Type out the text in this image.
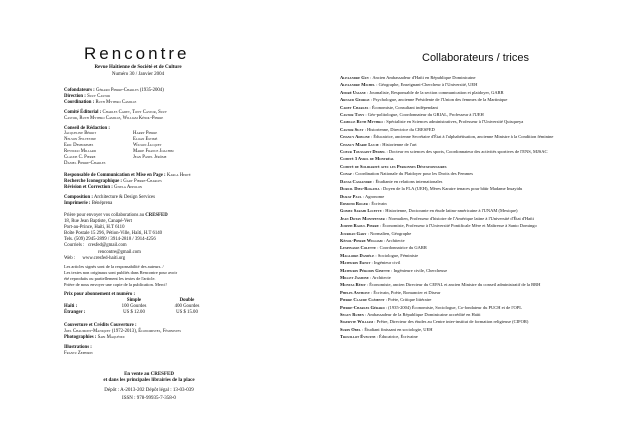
Rencontre
Revue Haïtienne de Société et de Culture
Numéro 30 / Janvier 2004
Cofondateurs : Gérard Pierre-Charles (1935-2004)
Direction : Suzy Castor
Coordination : Ruth Mythro Camille
Comité Éditorial : Charles Cadet, Tony Castor, Suzy
Castor, Ruth Mythro Camille, William Kénol-Pierre
Conseil de Rédaction :
Jacqueline Bérrit
Nelson Sylvestre
Eric Deshommes
Reynold Millard
Claude C. Pierre
Daniel Pierre-Charles
Harry Pierre
Eloan Estimé
Wilson Jacquet
Marie France Joachim
Jean Panel Jérôme
Responsable de Communication et Mise en Page : Karla Hervé
Recherche Iconographique : Gary Pierre-Charles
Révision et Correction : Gisela Appolon
Composition : Architecture & Design Services
Imprimerie : Bénéprena
Prière pour envoyer vos collaborations au CRESFED
18, Rue Jean Baptiste, Canapé-Vert
Port-au-Prince, Haïti, H.T 6110
Boîte Postale 15 296, Pétion-Ville, Haïti, H.T 6140
Tels. (509) 2945-2899 / 3914-2818 / 3914-4256
Courriels : cresfed@gmail.com
rencontre@gmail.com
Web : www.cresfed-haiti.org
Les articles signés sont de la responsabilité des auteurs. /
Les textes non originaux sont publiés dans Rencontre pour avoir
été reproduits ou partiellement les textes de l'article.
Prière de nous envoyer une copie de la publication. Merci!
Prix pour abonnement et numéro :
	Simple	Double
Haïti :	100 Gourdes	400 Gourdes
Étranger :	US $ 12.00	US $ 15.00
Couverture et Crédits Couverture :
Joel Chaumont-Maniquet (1972-2013), Économistes, Féministes
Photographies : Sabi Maquéndi
Illustrations :
Frantz Zephirin
En vente au CRESFED
et dans les principales librairies de la place
Dépôt : A-2013-202 Dépôt légal : 13-03-039
ISSN : 978-99935-7-358-0
Collaborateurs / trices
Alexandre Guy : Ancien Ambassadeur d'Haïti en République Dominicaine
Alexandre Michel : Géographe, Enseignant-Chercheur à l'Université, UEH
André Ussane : Journaliste, Responsable de la section communication et plaidoyer, GARR
Arnaud George : Psychologue, ancienne Présidente de l'Union des femmes de la Martinique
Cadet Charles : Économiste, Consultant indépendant
Castor Tony : Géo-politologue, Coordonnateur du GRIAL, Professeur à l'UEH
Camille Ruth Mythro : Spécialiste en Sciences administratives, Professeur à l'Université Quisqueya
Castor Suzy : Historienne, Directrice du CRESFED
Chancy Adeline : Éducatrice, ancienne Secrétaire d'État à l'alphabétisation, ancienne Ministre à la Condition féminine
Chancy Marie Lucie : Historienne de l'art
Coeur Toussaint Desbel : Docteur en sciences des sports, Coordonnateur des activités sportives de l'ENS, MJSAC
Comité 3 Avril de Montréal
Comité de Solidarité avec les Personnes Déstationnaires
Conap : Coordination Nationale du Plaidoyer pour les Droits des Femmes
Danas Cassandre : Étudiante en relations internationales
Dorcil Dieu-Rogatia : Doyen de la FLA (UEH), Mères Karaire tenaces pour bâtir Madame Insayidu
Durat Paul : Agronome
Edmond Roger : Écrivain
Gomez Sarahi Licette : Historienne, Doctorante en étude latino-américaine à l'UNAM (Mexique)
Jean Dotay Montpeyser : Normalien, Professeur d'histoire de l'Amérique latine à l'Université d'État d'Haïti
Joseph Raoul Pierre : Économiste, Professeur à l'Université Pontificale Mère et Maîtresse à Santo Domingo
Jourdan Gary : Normalien, Géographe
Kénol-Pierre William : Architecte
Lespinasse Colette : Coordonnatrice du GARR
Magloire Danièle : Sociologue, Féministe
Mathurin Ernst : Ingénieur civil
Mathurin Pérodin Ginette : Ingénieure civile, Chercheuse
Millet Jasmine : Architecte
Montas Rémy : Économiste, ancien Directeur du CEPAL et ancien Ministre du conseil administratif de la BRH
Phelps Anthony : Écrivain, Poète, Romancier et Diseur
Pierre Claude Clément : Poète, Critique littéraire
Pierre-Charles Gérard : (1935-2004) Économiste, Sociologue, Co-fondateur du PUCH et de l'OPL
Seguy Ruben : Ambassadeur de la République Dominicaine accrédité en Haïti
Sigeryte William : Prêtre, Directeur des études au Centre inter-institut de formation religieuse (CIFOR)
Surin Obel : Étudiant finissant en sociologie, UEH
Trouillot Évelyne : Éducatrice, Écrivaine
